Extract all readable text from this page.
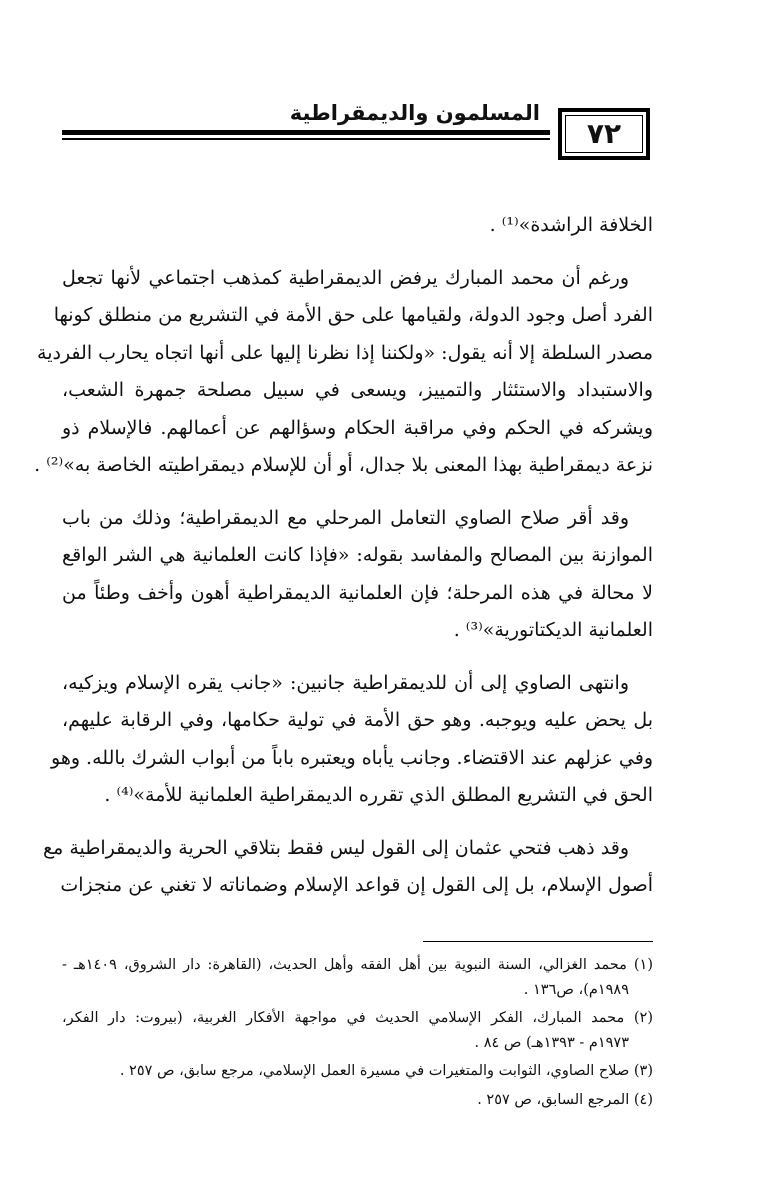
المسلمون والديمقراطية
٧٢
الخلافة الراشدة»⁽¹⁾ .
ورغم أن محمد المبارك يرفض الديمقراطية كمذهب اجتماعي لأنها تجعل
الفرد أصل وجود الدولة، ولقيامها على حق الأمة في التشريع من منطلق كونها
مصدر السلطة إلا أنه يقول: «ولكننا إذا نظرنا إليها على أنها اتجاه يحارب الفردية
والاستبداد والاستئثار والتمييز، ويسعى في سبيل مصلحة جمهرة الشعب،
ويشركه في الحكم وفي مراقبة الحكام وسؤالهم عن أعمالهم. فالإسلام ذو
نزعة ديمقراطية بهذا المعنى بلا جدال، أو أن للإسلام ديمقراطيته الخاصة به»⁽²⁾ .
وقد أقر صلاح الصاوي التعامل المرحلي مع الديمقراطية؛ وذلك من باب
الموازنة بين المصالح والمفاسد بقوله: «فإذا كانت العلمانية هي الشر الواقع
لا محالة في هذه المرحلة؛ فإن العلمانية الديمقراطية أهون وأخف وطئاً من
العلمانية الديكتاتورية»⁽³⁾ .
وانتهى الصاوي إلى أن للديمقراطية جانبين: «جانب يقره الإسلام ويزكيه،
بل يحض عليه ويوجبه. وهو حق الأمة في تولية حكامها، وفي الرقابة عليهم،
وفي عزلهم عند الاقتضاء. وجانب يأباه ويعتبره باباً من أبواب الشرك بالله. وهو
الحق في التشريع المطلق الذي تقرره الديمقراطية العلمانية للأمة»⁽⁴⁾ .
وقد ذهب فتحي عثمان إلى القول ليس فقط بتلاقي الحرية والديمقراطية مع
أصول الإسلام، بل إلى القول إن قواعد الإسلام وضماناته لا تغني عن منجزات
(١) محمد الغزالي، السنة النبوية بين أهل الفقه وأهل الحديث، (القاهرة: دار الشروق، ١٤٠٩هـ -
١٩٨٩م)، ص١٣٦ .
(٢) محمد المبارك، الفكر الإسلامي الحديث في مواجهة الأفكار الغربية، (بيروت: دار الفكر،
١٩٧٣م - ١٣٩٣هـ) ص ٨٤ .
(٣) صلاح الصاوي، الثوابت والمتغيرات في مسيرة العمل الإسلامي، مرجع سابق، ص ٢٥٧ .
(٤) المرجع السابق، ص ٢٥٧ .
